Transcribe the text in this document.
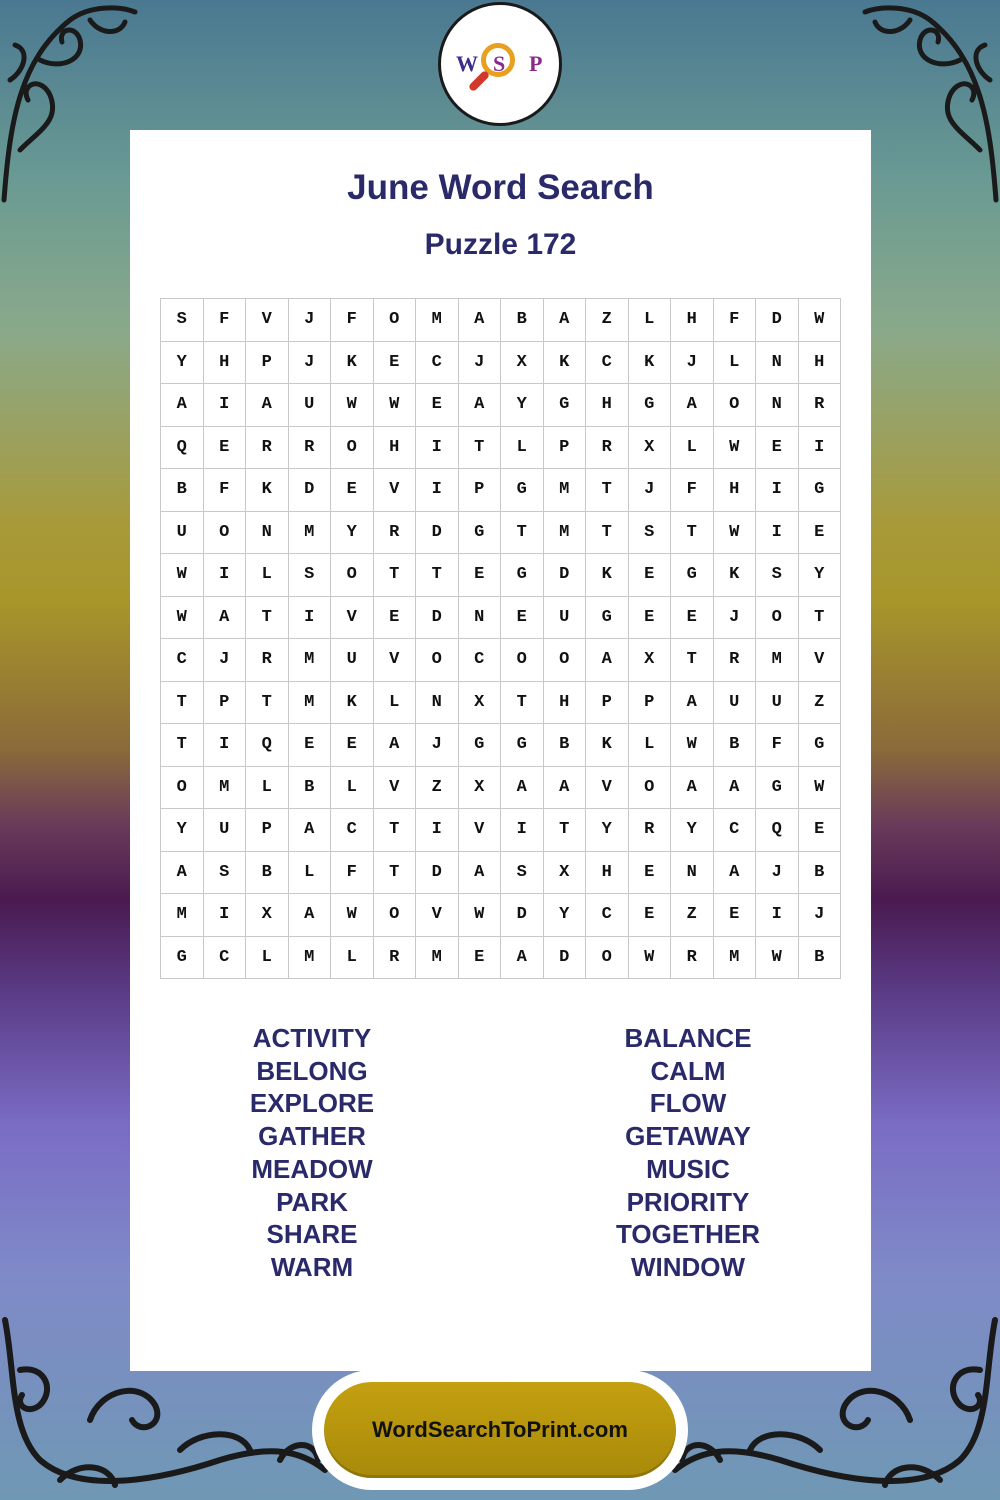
W S P
June Word Search
Puzzle 172
S	F	V	J	F	O	M	A	B	A	Z	L	H	F	D	W
Y	H	P	J	K	E	C	J	X	K	C	K	J	L	N	H
A	I	A	U	W	W	E	A	Y	G	H	G	A	O	N	R
Q	E	R	R	O	H	I	T	L	P	R	X	L	W	E	I
B	F	K	D	E	V	I	P	G	M	T	J	F	H	I	G
U	O	N	M	Y	R	D	G	T	M	T	S	T	W	I	E
W	I	L	S	O	T	T	E	G	D	K	E	G	K	S	Y
W	A	T	I	V	E	D	N	E	U	G	E	E	J	O	T
C	J	R	M	U	V	O	C	O	O	A	X	T	R	M	V
T	P	T	M	K	L	N	X	T	H	P	P	A	U	U	Z
T	I	Q	E	E	A	J	G	G	B	K	L	W	B	F	G
O	M	L	B	L	V	Z	X	A	A	V	O	A	A	G	W
Y	U	P	A	C	T	I	V	I	T	Y	R	Y	C	Q	E
A	S	B	L	F	T	D	A	S	X	H	E	N	A	J	B
M	I	X	A	W	O	V	W	D	Y	C	E	Z	E	I	J
G	C	L	M	L	R	M	E	A	D	O	W	R	M	W	B
ACTIVITY
BELONG
EXPLORE
GATHER
MEADOW
PARK
SHARE
WARM
BALANCE
CALM
FLOW
GETAWAY
MUSIC
PRIORITY
TOGETHER
WINDOW
WordSearchToPrint.com
